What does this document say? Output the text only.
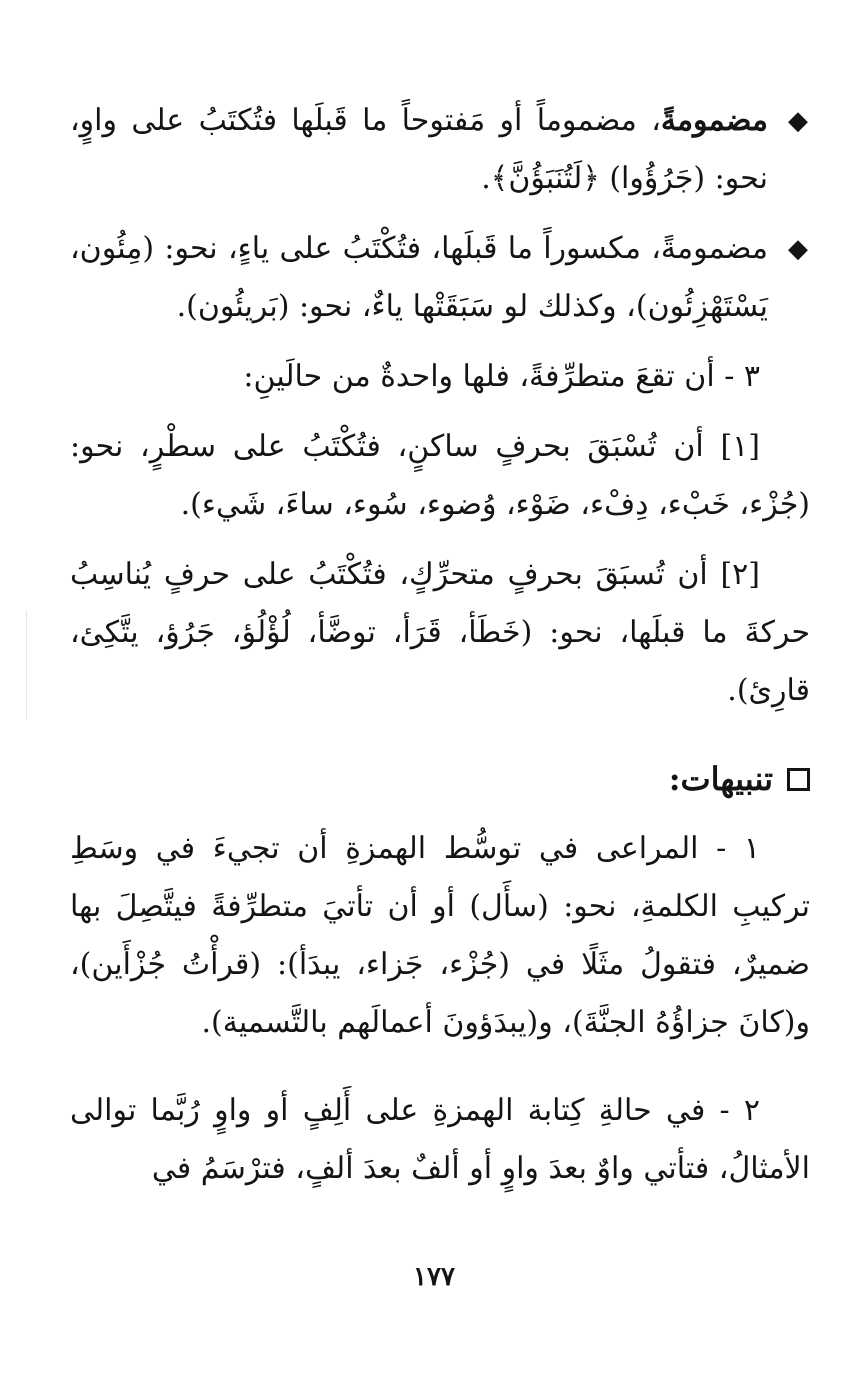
◆

مضمومةً، مضموماً أو مَفتوحاً ما قَبلَها فتُكتَبُ على واوٍ، نحو: (جَرُؤُوا) ﴿لَتُنَبَؤُنَّ﴾.

◆

مضمومةً، مكسوراً ما قَبلَها، فتُكْتَبُ على ياءٍ، نحو: (مِئُون، يَسْتَهْزِئُون)، وكذلك لو سَبَقَتْها ياءٌ، نحو: (بَريئُون).

٣ - أن تقعَ متطرِّفةً، فلها واحدةٌ من حالَينِ:

[١] أن تُسْبَقَ بحرفٍ ساكنٍ، فتُكْتَبُ على سطْرٍ، نحو: (جُزْء، خَبْء، دِفْء، ضَوْء، وُضوء، سُوء، ساءَ، شَيء).

[٢] أن تُسبَقَ بحرفٍ متحرِّكٍ، فتُكْتَبُ على حرفٍ يُناسِبُ حركةَ ما قبلَها، نحو: (خَطَأ، قَرَأ، توضَّأ، لُؤْلُؤ، جَرُؤ، يتَّكِئ، قارِئ).

تنبيهات:

١ - المراعى في توسُّط الهمزةِ أن تجيءَ في وسَطِ تركيبِ الكلمةِ، نحو: (سأَل) أو أن تأتيَ متطرِّفةً فيتَّصِلَ بها ضميرٌ، فتقولُ مثَلًا في (جُزْء، جَزاء، يبدَأ): (قرأْتُ جُزْأَين)، و(كانَ جزاؤُهُ الجنَّةَ)، و(يبدَؤونَ أعمالَهم بالتَّسمية).

٢ - في حالةِ كِتابة الهمزةِ على أَلِفٍ أو واوٍ رُبَّما توالى الأمثالُ، فتأتي واوٌ بعدَ واوٍ أو ألفٌ بعدَ ألفٍ، فترْسَمُ في

١٧٧
